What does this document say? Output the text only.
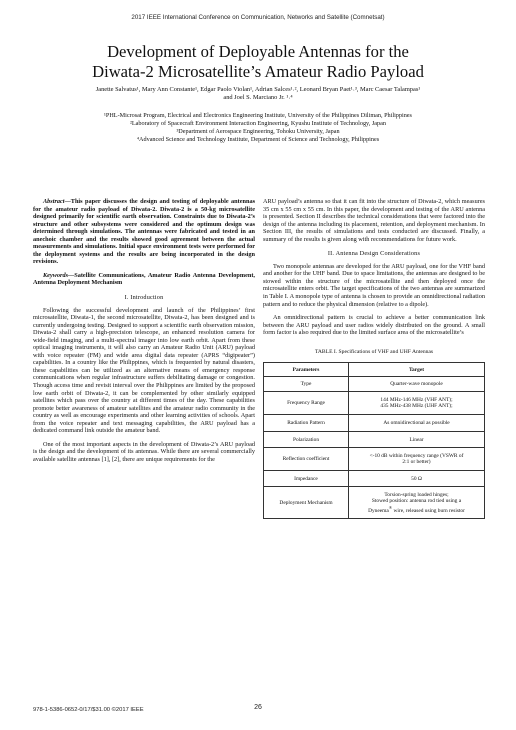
2017 IEEE International Conference on Communication, Networks and Satellite (Comnetsat)
Development of Deployable Antennas for the
Diwata-2 Microsatellite’s Amateur Radio Payload
Janette Salvatus¹, Mary Ann Constante¹, Edgar Paolo Violan¹, Adrian Salces¹˒², Leonard Bryan Paet¹˒³, Marc Caesar Talampas¹
and Joel S. Marciano Jr. ¹˒⁴
¹PHL-Microsat Program, Electrical and Electronics Engineering Institute, University of the Philippines Diliman, Philippines
²Laboratory of Spacecraft Environment Interaction Engineering, Kyushu Institute of Technology, Japan
³Department of Aerospace Engineering, Tohoku University, Japan
⁴Advanced Science and Technology Institute, Department of Science and Technology, Philippines

Abstract—This paper discusses the design and testing of deployable antennas for the amateur radio payload of Diwata-2. Diwata-2 is a 50-kg microsatellite designed primarily for scientific earth observation. Constraints due to Diwata-2’s structure and other subsystems were considered and the optimum design was determined through simulations. The antennas were fabricated and tested in an anechoic chamber and the results showed good agreement between the actual measurements and simulations. Initial space environment tests were performed for the deployment systems and the results are being incorporated in the design revisions.

Keywords—Satellite Communications, Amateur Radio Antenna Development, Antenna Deployment Mechanism

I. Introduction

Following the successful development and launch of the Philippines’ first microsatellite, Diwata-1, the second microsatellite, Diwata-2, has been designed and is currently undergoing testing. Designed to support a scientific earth observation mission, Diwata-2 shall carry a high-precision telescope, an enhanced resolution camera for wide-field imaging, and a multi-spectral imager into low earth orbit. Apart from these optical imaging instruments, it will also carry an Amateur Radio Unit (ARU) payload with voice repeater (FM) and wide area digital data repeater (APRS “digipeater”) capabilities. In a country like the Philippines, which is frequented by natural disasters, these capabilities can be utilized as an alternative means of emergency response communications when regular infrastructure suffers debilitating damage or congestion. Though access time and revisit interval over the Philippines are limited by the proposed low earth orbit of Diwata-2, it can be complemented by other similarly equipped satellites which pass over the country at different times of the day. These capabilities promote better awareness of amateur satellites and the amateur radio community in the country as well as encourage experiments and other learning activities of schools. Apart from the voice repeater and text messaging capabilities, the ARU payload has a dedicated command link outside the amateur band.

One of the most important aspects in the development of Diwata-2’s ARU payload is the design and the development of its antennas. While there are several commercially available satellite antennas [1], [2], there are unique requirements for the

ARU payload’s antenna so that it can fit into the structure of Diwata-2, which measures 35 cm x 55 cm x 55 cm. In this paper, the development and testing of the ARU antenna is presented. Section II describes the technical considerations that were factored into the design of the antenna including its placement, retention, and deployment mechanism. In Section III, the results of simulations and tests conducted are discussed. Finally, a summary of the results is given along with recommendations for future work.

II. Antenna Design Considerations

Two monopole antennas are developed for the ARU payload, one for the VHF band and another for the UHF band. Due to space limitations, the antennas are designed to be stowed within the structure of the microsatellite and then deployed once the microsatellite enters orbit. The target specifications of the two antennas are summarized in Table I. A monopole type of antenna is chosen to provide an omnidirectional radiation pattern and to reduce the physical dimension (relative to a dipole).

An omnidirectional pattern is crucial to achieve a better communication link between the ARU payload and user radios widely distributed on the ground. A small form factor is also required due to the limited surface area of the microsatellite’s

TABLE I. Specifications of VHF and UHF Antennas

Parameters	Target
Type	Quarter-wave monopole
Frequency Range	144 MHz-146 MHz (VHF ANT);
435 MHz-438 MHz (UHF ANT);
Radiation Pattern	As omnidirectional as possible
Polarization	Linear
Reflection coefficient	<-10 dB within frequency range (VSWR of
2:1 or better)
Impedance	50 Ω
Deployment Mechanism	Torsion-spring loaded hinges;
Stowed position: antenna rod tied using a
Dyneema® wire, released using burn resistor
978-1-5386-0652-0/17/$31.00 ©2017 IEEE	26
